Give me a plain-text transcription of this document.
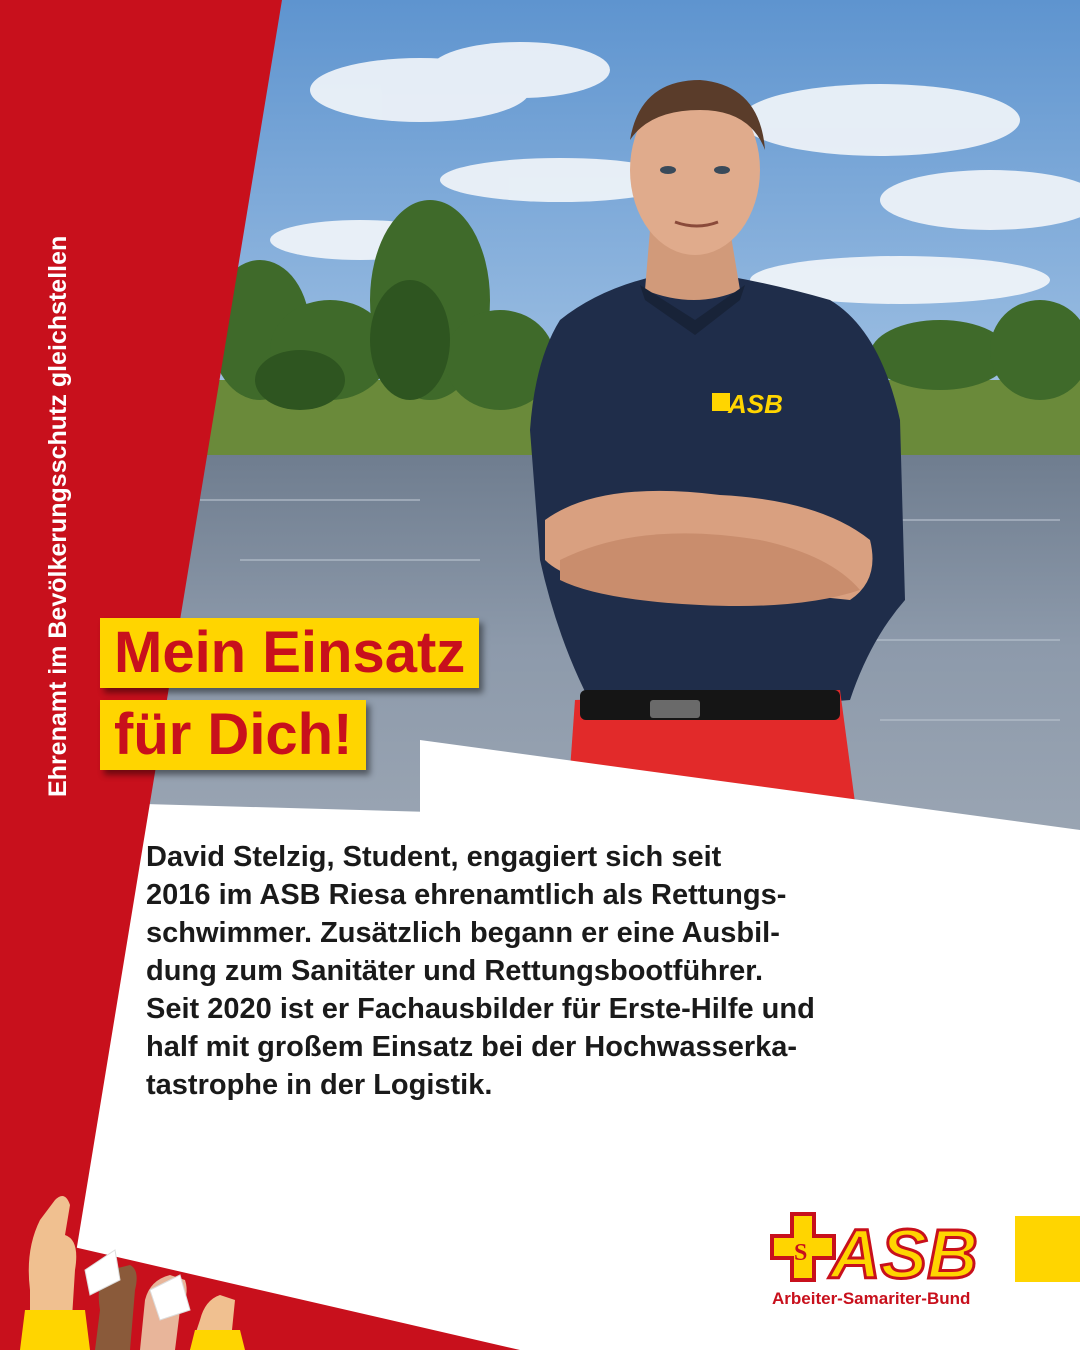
ASB
Ehrenamt im Bevölkerungsschutz gleichstellen Mein Einsatz
für Dich!
David Stelzig, Student, engagiert sich seit
2016 im ASB Riesa ehrenamtlich als Rettungs-
schwimmer. Zusätzlich begann er eine Ausbil-
dung zum Sanitäter und Rettungsbootführer.
Seit 2020 ist er Fachausbilder für Erste-Hilfe und
half mit großem Einsatz bei der Hochwasserka-
tastrophe in der Logistik.
S ASB
Arbeiter-Samariter-Bund
